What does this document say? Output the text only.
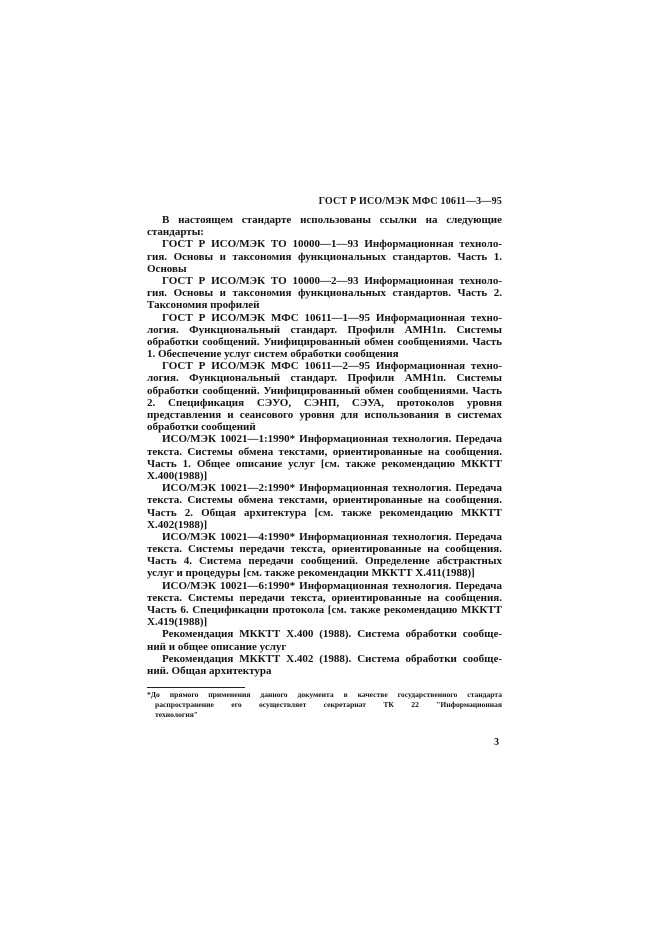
ГОСТ Р ИСО/МЭК МФС 10611—3—95
В настоящем стандарте использованы ссылки на следующие
стандарты:
ГОСТ Р ИСО/МЭК ТО 10000—1—93 Информационная техноло-
гия. Основы и таксономия функциональных стандартов. Часть 1.
Основы
ГОСТ Р ИСО/МЭК ТО 10000—2—93 Информационная техноло-
гия. Основы и таксономия функциональных стандартов. Часть 2.
Таксономия профилей
ГОСТ Р ИСО/МЭК МФС 10611—1—95 Информационная техно-
логия. Функциональный стандарт. Профили АМН1п. Системы
обработки сообщений. Унифицированный обмен сообщениями. Часть
1. Обеспечение услуг систем обработки сообщения
ГОСТ Р ИСО/МЭК МФС 10611—2—95 Информационная техно-
логия. Функциональный стандарт. Профили АМН1п. Системы
обработки сообщений. Унифицированный обмен сообщениями. Часть
2. Спецификация СЭУО, СЭНП, СЭУА, протоколов уровня
представления и сеансового уровня для использования в системах
обработки сообщений
ИСО/МЭК 10021—1:1990* Информационная технология. Передача
текста. Системы обмена текстами, ориентированные на сообщения.
Часть 1. Общее описание услуг [см. также рекомендацию МККТТ
Х.400(1988)]
ИСО/МЭК 10021—2:1990* Информационная технология. Передача
текста. Системы обмена текстами, ориентированные на сообщения.
Часть 2. Общая архитектура [см. также рекомендацию МККТТ
Х.402(1988)]
ИСО/МЭК 10021—4:1990* Информационная технология. Передача
текста. Системы передачи текста, ориентированные на сообщения.
Часть 4. Система передачи сообщений. Определение абстрактных
услуг и процедуры [см. также рекомендации МККТТ Х.411(1988)]
ИСО/МЭК 10021—6:1990* Информационная технология. Передача
текста. Системы передачи текста, ориентированные на сообщения.
Часть 6. Спецификации протокола [см. также рекомендацию МККТТ
Х.419(1988)]
Рекомендация МККТТ Х.400 (1988). Система обработки сообще-
ний и общее описание услуг
Рекомендация МККТТ Х.402 (1988). Система обработки сообще-
ний. Общая архитектура
*До прямого применения данного документа в качестве государственного стандарта
распространение его осуществляет секретариат ТК 22 "Информационная
технология"
3
